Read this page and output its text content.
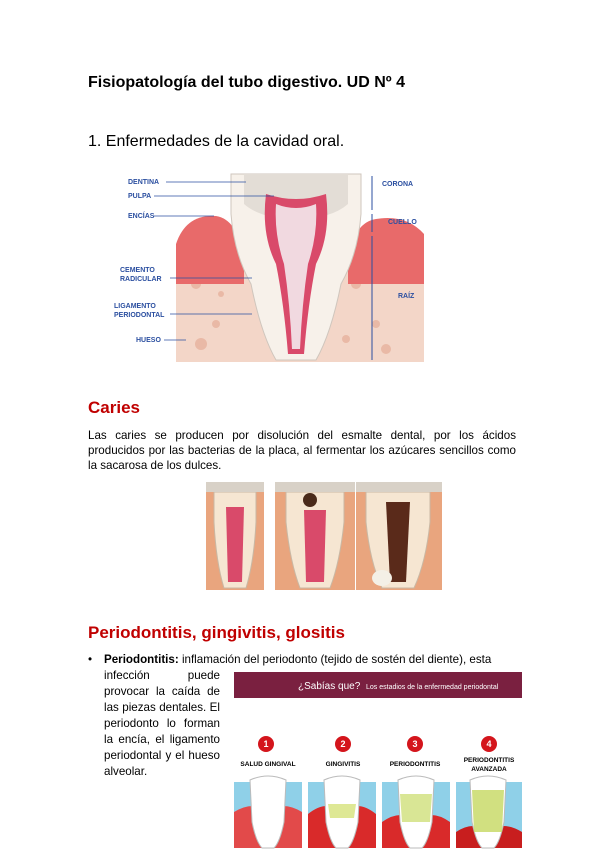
Fisiopatología del tubo digestivo. UD Nº 4
1. Enfermedades de la cavidad oral.
DENTINA
PULPA
ENCÍAS
CEMENTO
RADICULAR
LIGAMENTO
PERIODONTAL
HUESO
CORONA
CUELLO
RAÍZ
Caries
Las caries se producen por disolución del esmalte dental, por los ácidos producidos por las bacterias de la placa, al fermentar los azúcares sencillos como la sacarosa de los dulces.
Periodontitis, gingivitis, glositis
• Periodontitis: inflamación del periodonto (tejido de sostén del diente), esta
infección puede provocar la caída de las piezas dentales. El periodonto lo forman la encía, el ligamento periodontal y el hueso alveolar.
¿Sabías que? Los estadios de la enfermedad periodontal
1	2	3	4
SALUD GINGIVAL	GINGIVITIS	PERIODONTITIS
PERIODONTITIS
AVANZADA
